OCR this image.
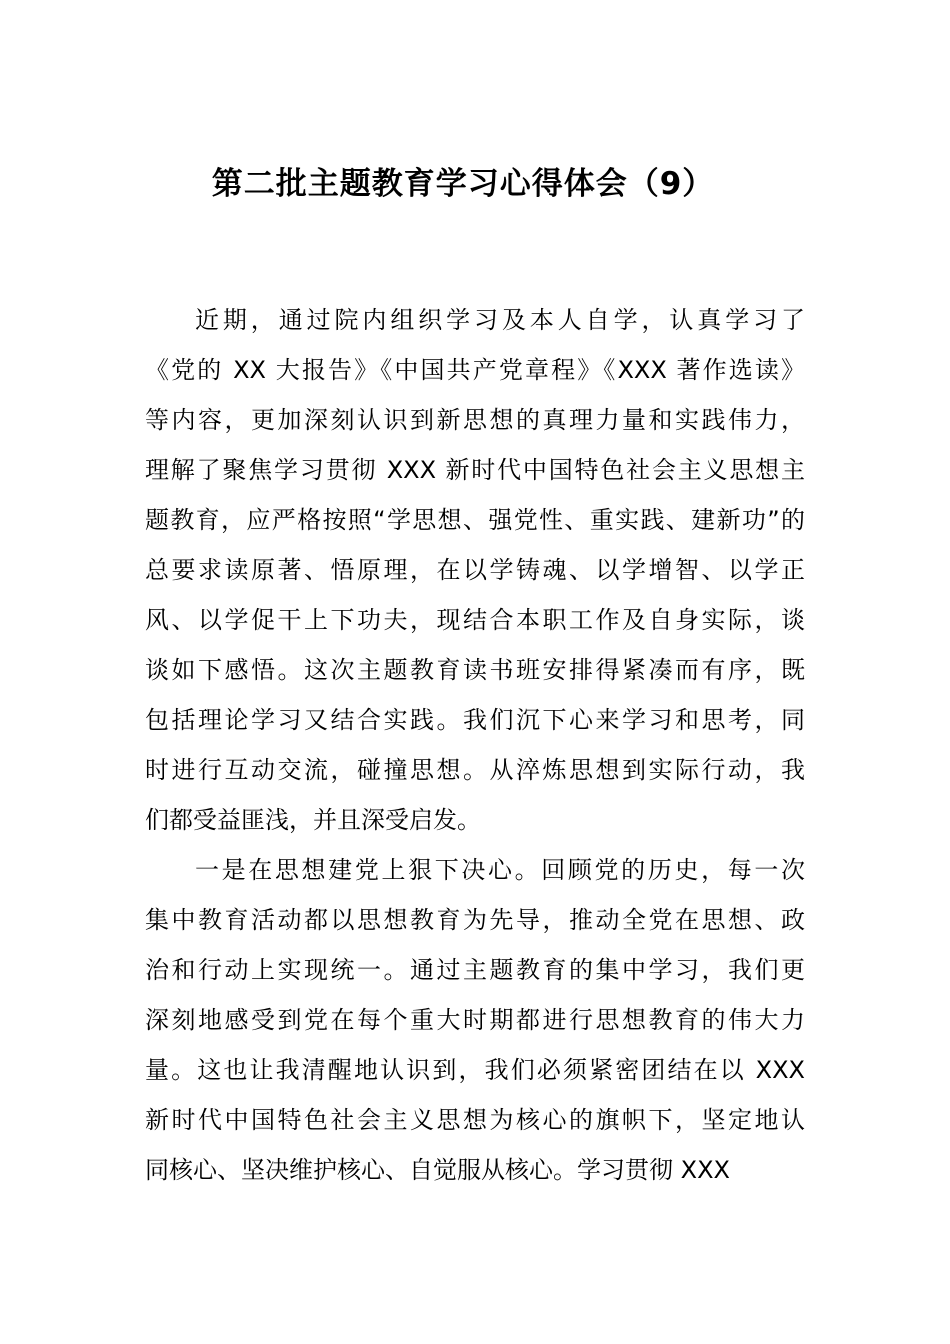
第二批主题教育学习心得体会（9）
近期，通过院内组织学习及本人自学，认真学习了
《党的 XX 大报告》《中国共产党章程》《XXX 著作选读》
等内容，更加深刻认识到新思想的真理力量和实践伟力，
理解了聚焦学习贯彻 XXX 新时代中国特色社会主义思想主
题教育，应严格按照“学思想、强党性、重实践、建新功”的
总要求读原著、悟原理，在以学铸魂、以学增智、以学正
风、以学促干上下功夫，现结合本职工作及自身实际，谈
谈如下感悟。这次主题教育读书班安排得紧凑而有序，既
包括理论学习又结合实践。我们沉下心来学习和思考，同
时进行互动交流，碰撞思想。从淬炼思想到实际行动，我
们都受益匪浅，并且深受启发。
一是在思想建党上狠下决心。回顾党的历史，每一次
集中教育活动都以思想教育为先导，推动全党在思想、政
治和行动上实现统一。通过主题教育的集中学习，我们更
深刻地感受到党在每个重大时期都进行思想教育的伟大力
量。这也让我清醒地认识到，我们必须紧密团结在以 XXX
新时代中国特色社会主义思想为核心的旗帜下，坚定地认
同核心、坚决维护核心、自觉服从核心。学习贯彻 XXX
